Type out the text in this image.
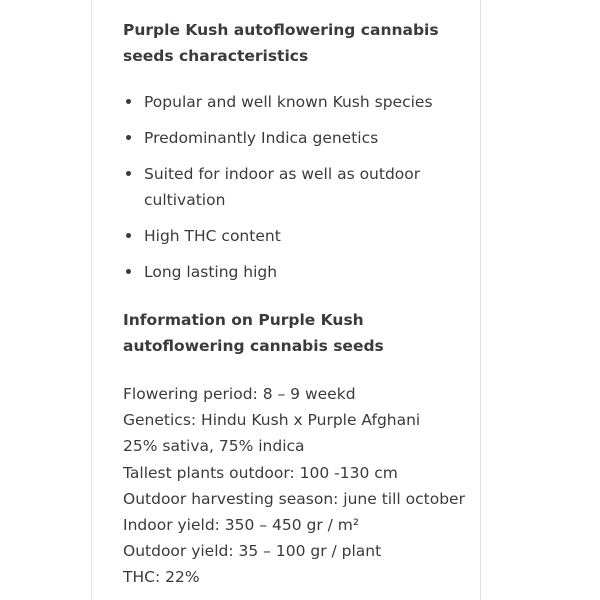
Purple Kush autoflowering cannabis seeds characteristics
Popular and well known Kush species
Predominantly Indica genetics
Suited for indoor as well as outdoor cultivation
High THC content
Long lasting high
Information on Purple Kush autoflowering cannabis seeds

Flowering period: 8 – 9 weekd

Genetics: Hindu Kush x Purple Afghani

25% sativa, 75% indica

Tallest plants outdoor: 100 -130 cm

Outdoor harvesting season: june till october

Indoor yield: 350 – 450 gr / m²

Outdoor yield: 35 – 100 gr / plant

THC: 22%
